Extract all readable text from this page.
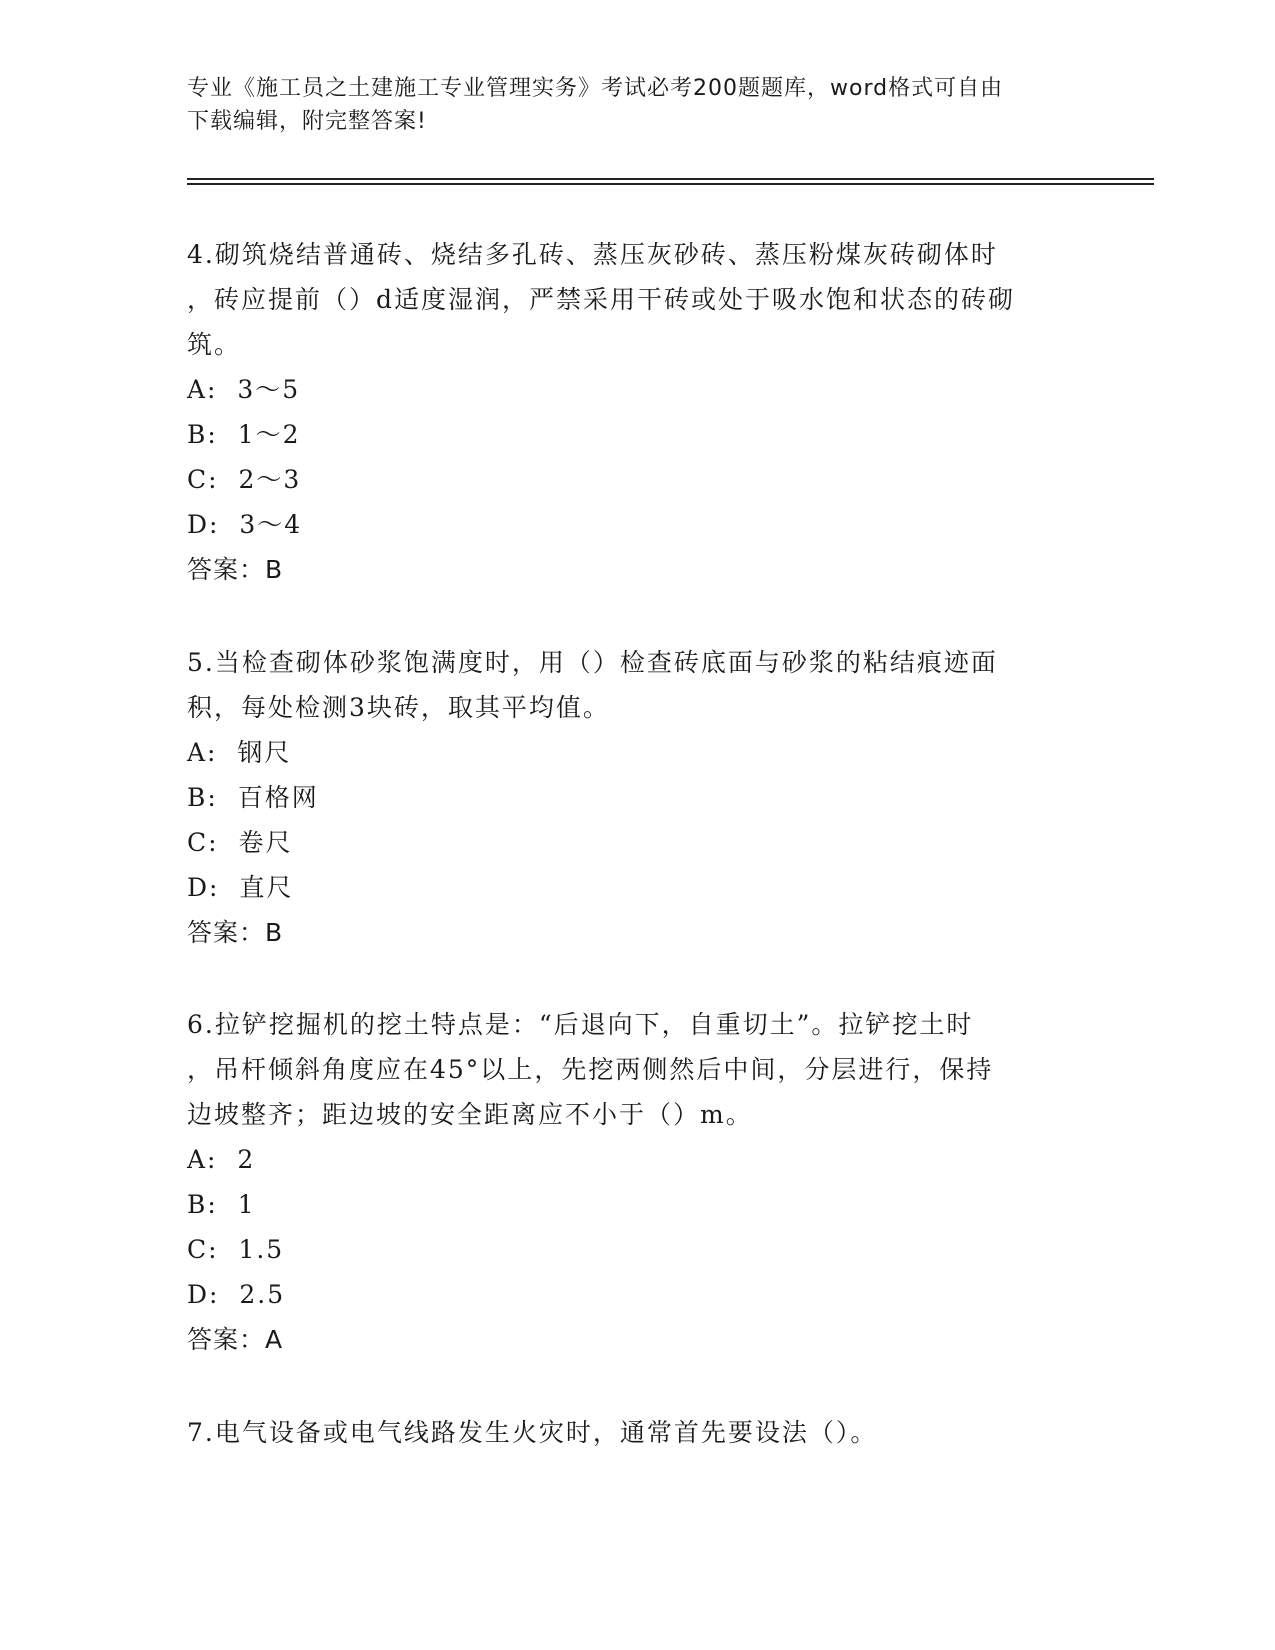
专业《施工员之土建施工专业管理实务》考试必考200题题库，word格式可自由
下载编辑，附完整答案!

4.砌筑烧结普通砖、烧结多孔砖、蒸压灰砂砖、蒸压粉煤灰砖砌体时

，砖应提前（）d适度湿润，严禁采用干砖或处于吸水饱和状态的砖砌

筑。

A:  3～5

B:  1～2

C:  2～3

D:  3～4

答案：B

5.当检查砌体砂浆饱满度时，用（）检查砖底面与砂浆的粘结痕迹面

积，每处检测3块砖，取其平均值。

A:  钢尺

B:  百格网

C:  卷尺

D:  直尺

答案：B

6.拉铲挖掘机的挖土特点是：“后退向下，自重切土”。拉铲挖土时

，吊杆倾斜角度应在45°以上，先挖两侧然后中间，分层进行，保持

边坡整齐；距边坡的安全距离应不小于（）m。

A:  2

B:  1

C:  1.5

D:  2.5

答案：A

7.电气设备或电气线路发生火灾时，通常首先要设法（）。
